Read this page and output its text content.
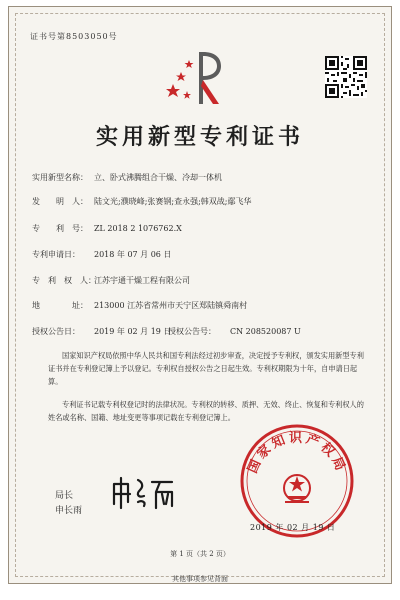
证书号第8503050号
实用新型专利证书
实用新型名称： 立、卧式沸腾组合干燥、冷却一体机
发　　明　人： 陆文光;濮晓峰;张赛钢;查永强;韩双战;鄢飞华
专　　利　号： ZL 2018 2 1076762.X
专利申请日： 2018 年 07 月 06 日
专　利　权　人：江苏宇通干燥工程有限公司
地　　　　址： 213000 江苏省常州市天宁区郑陆镇舜南村
授权公告日： 2019 年 02 月 19 日
授权公告号： CN 208520087 U
国家知识产权局依照中华人民共和国专利法经过初步审查，决定授予专利权，颁发实用新型专利证书并在专利登记簿上予以登记。专利权自授权公告之日起生效。专利权期限为十年，自申请日起算。
专利证书记载专利权登记时的法律状况。专利权的转移、质押、无效、终止、恢复和专利权人的姓名或名称、国籍、地址变更等事项记载在专利登记簿上。
局长
申长雨
国家知识产权局
2019 年 02 月 19 日
第 1 页（共 2 页）
其他事项参见背面
